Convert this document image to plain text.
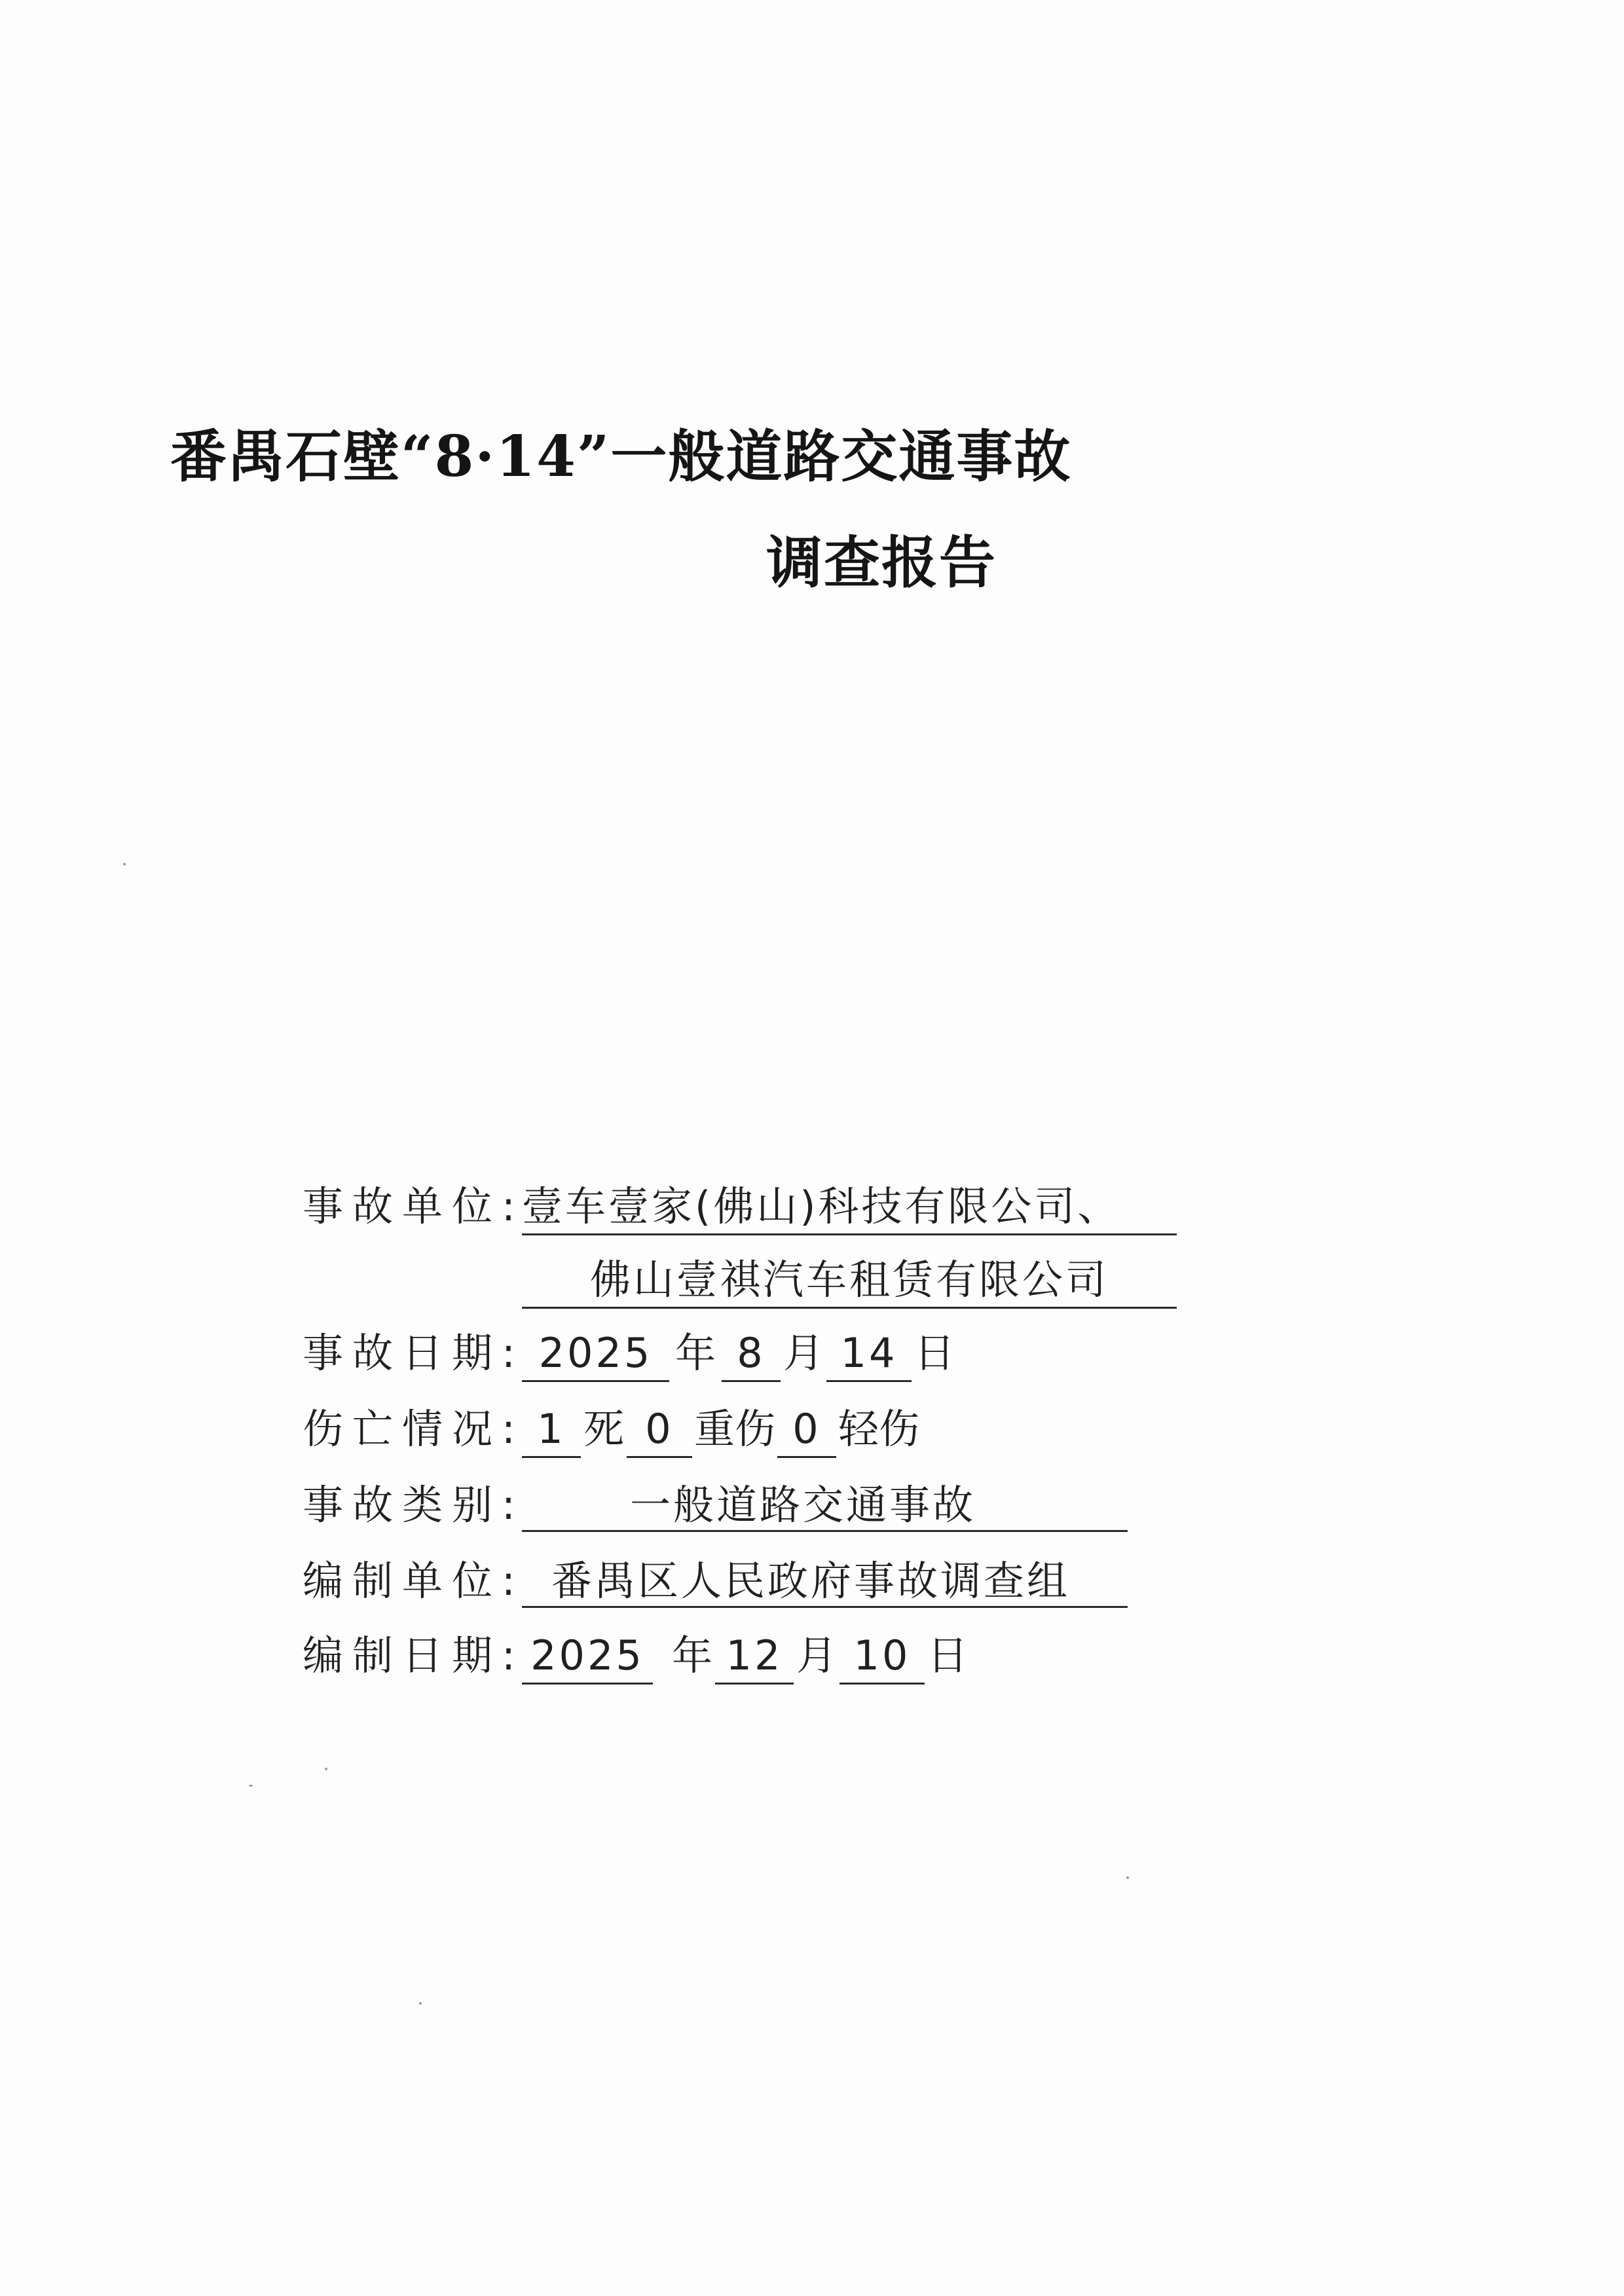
番禺石壁“8·14”一般道路交通事故
调查报告
事故单位:
壹车壹家(佛山)科技有限公司、
佛山壹祺汽车租赁有限公司
事故日期: 2025 年 8 月 14 日
伤亡情况: 1 死 0 重伤 0 轻伤
事故类别:	一般道路交通事故
编制单位: 番禺区人民政府事故调查组
编制日期: 2025 年 12 月 10 日
